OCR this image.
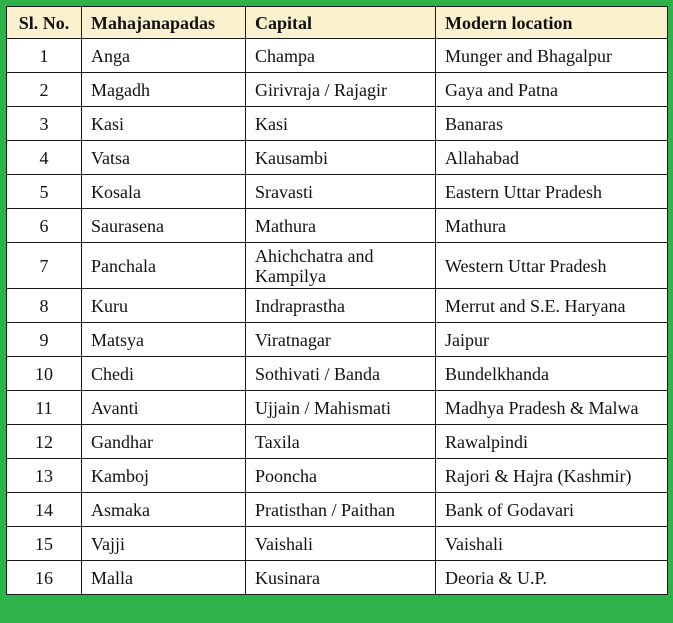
Sl. No.	Mahajanapadas	Capital	Modern location
1	Anga	Champa	Munger and Bhagalpur
2	Magadh	Girivraja / Rajagir	Gaya and Patna
3	Kasi	Kasi	Banaras
4	Vatsa	Kausambi	Allahabad
5	Kosala	Sravasti	Eastern Uttar Pradesh
6	Saurasena	Mathura	Mathura
7	Panchala	Ahichchatra and Kampilya	Western Uttar Pradesh
8	Kuru	Indraprastha	Merrut and S.E. Haryana
9	Matsya	Viratnagar	Jaipur
10	Chedi	Sothivati / Banda	Bundelkhanda
11	Avanti	Ujjain / Mahismati	Madhya Pradesh & Malwa
12	Gandhar	Taxila	Rawalpindi
13	Kamboj	Pooncha	Rajori & Hajra (Kashmir)
14	Asmaka	Pratisthan / Paithan	Bank of Godavari
15	Vajji	Vaishali	Vaishali
16	Malla	Kusinara	Deoria & U.P.
